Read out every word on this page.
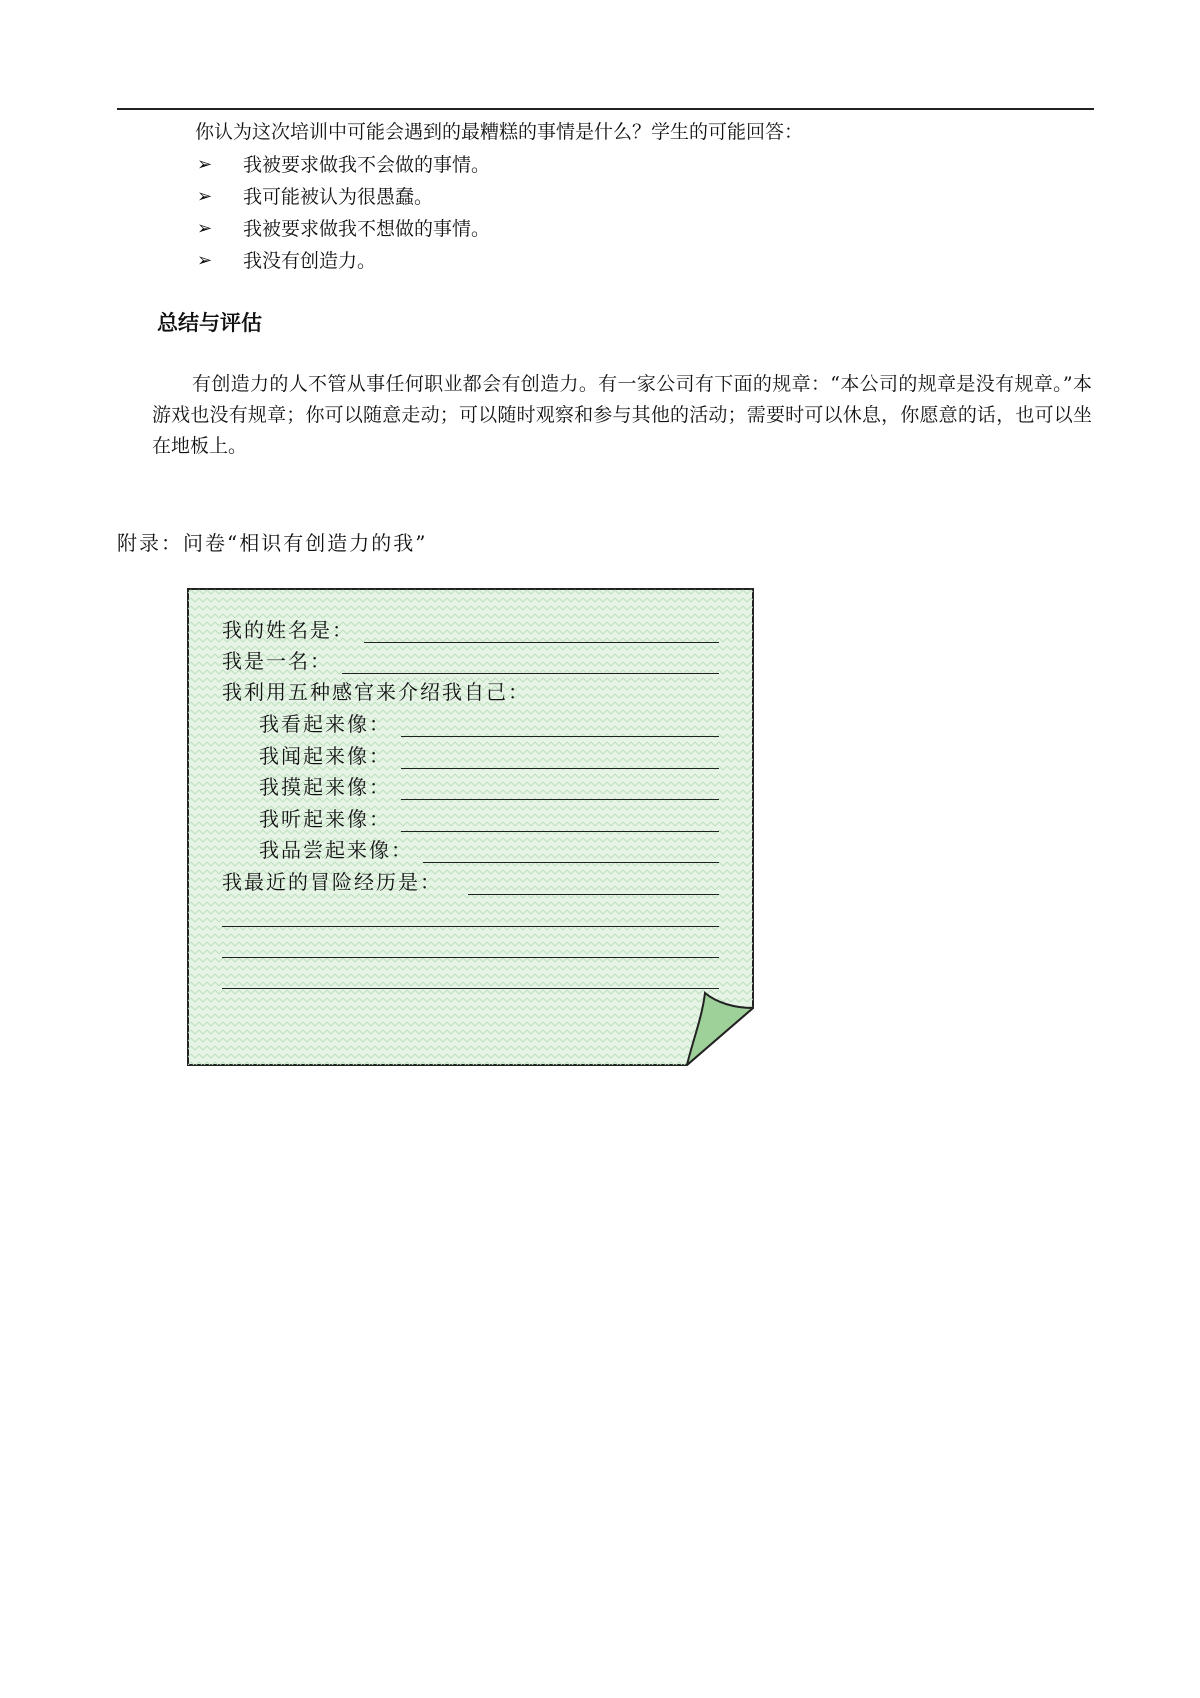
你认为这次培训中可能会遇到的最糟糕的事情是什么？学生的可能回答：
➢	我被要求做我不会做的事情。
➢	我可能被认为很愚蠢。
➢	我被要求做我不想做的事情。
➢	我没有创造力。
总结与评估

有创造力的人不管从事任何职业都会有创造力。有一家公司有下面的规章：“本公司的规章是没有规章。”本游戏也没有规章；你可以随意走动；可以随时观察和参与其他的活动；需要时可以休息，你愿意的话，也可以坐在地板上。

附录：问卷“相识有创造力的我”
我的姓名是：
我是一名：
我利用五种感官来介绍我自己：
我看起来像：
我闻起来像：
我摸起来像：
我听起来像：
我品尝起来像：
我最近的冒险经历是：
